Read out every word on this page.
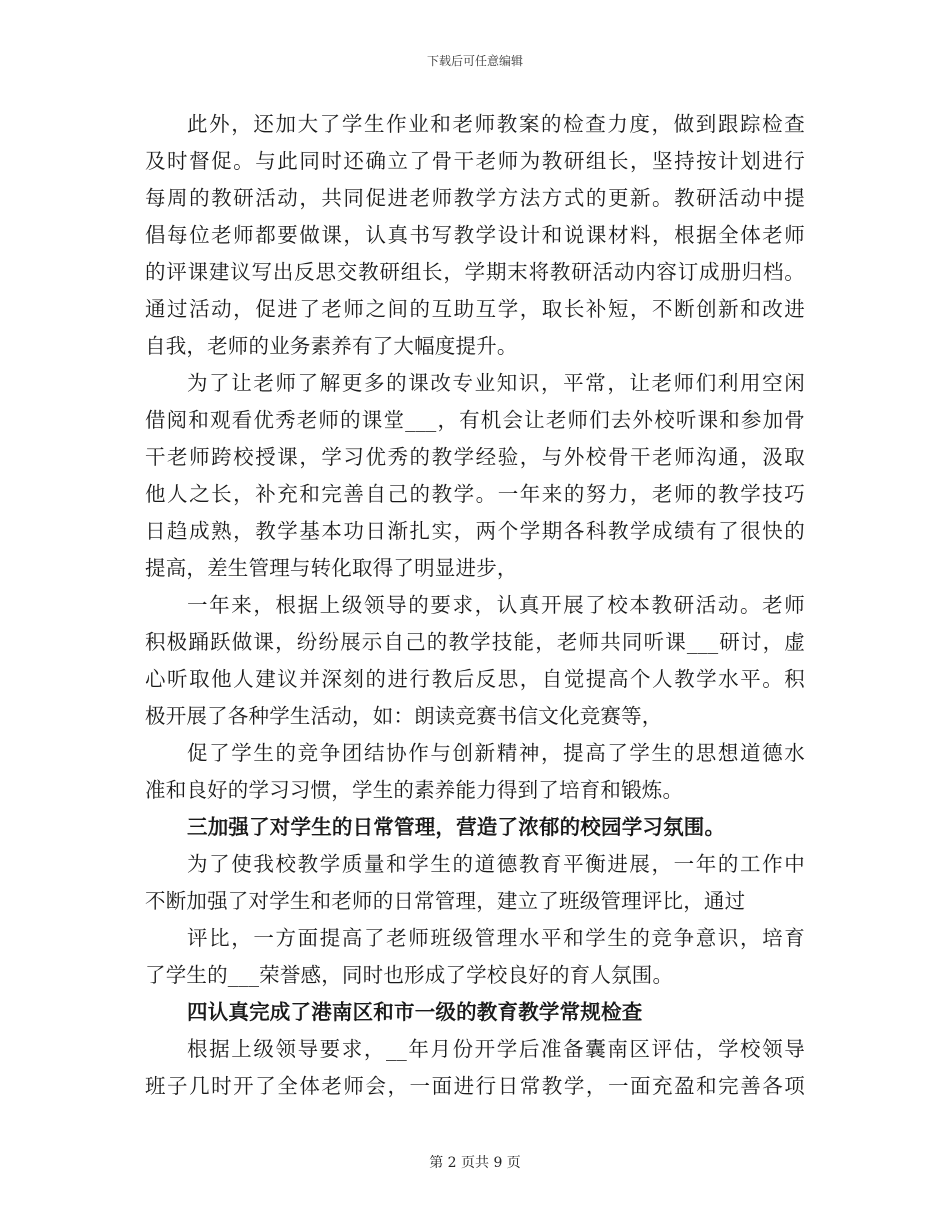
下载后可任意编辑
此外，还加大了学生作业和老师教案的检查力度，做到跟踪检查
及时督促。与此同时还确立了骨干老师为教研组长，坚持按计划进行
每周的教研活动，共同促进老师教学方法方式的更新。教研活动中提
倡每位老师都要做课，认真书写教学设计和说课材料，根据全体老师
的评课建议写出反思交教研组长，学期末将教研活动内容订成册归档。
通过活动，促进了老师之间的互助互学，取长补短，不断创新和改进
自我，老师的业务素养有了大幅度提升。
为了让老师了解更多的课改专业知识，平常，让老师们利用空闲
借阅和观看优秀老师的课堂___，有机会让老师们去外校听课和参加骨
干老师跨校授课，学习优秀的教学经验，与外校骨干老师沟通，汲取
他人之长，补充和完善自己的教学。一年来的努力，老师的教学技巧
日趋成熟，教学基本功日渐扎实，两个学期各科教学成绩有了很快的
提高，差生管理与转化取得了明显进步，
一年来，根据上级领导的要求，认真开展了校本教研活动。老师
积极踊跃做课，纷纷展示自己的教学技能，老师共同听课___研讨，虚
心听取他人建议并深刻的进行教后反思，自觉提高个人教学水平。积
极开展了各种学生活动，如：朗读竞赛书信文化竞赛等，
促了学生的竞争团结协作与创新精神，提高了学生的思想道德水
准和良好的学习习惯，学生的素养能力得到了培育和锻炼。
三加强了对学生的日常管理，营造了浓郁的校园学习氛围。
为了使我校教学质量和学生的道德教育平衡进展，一年的工作中
不断加强了对学生和老师的日常管理，建立了班级管理评比，通过
评比，一方面提高了老师班级管理水平和学生的竞争意识，培育
了学生的___荣誉感，同时也形成了学校良好的育人氛围。
四认真完成了港南区和市一级的教育教学常规检查
根据上级领导要求，__年月份开学后准备囊南区评估，学校领导
班子几时开了全体老师会，一面进行日常教学，一面充盈和完善各项
第 2 页共 9 页
